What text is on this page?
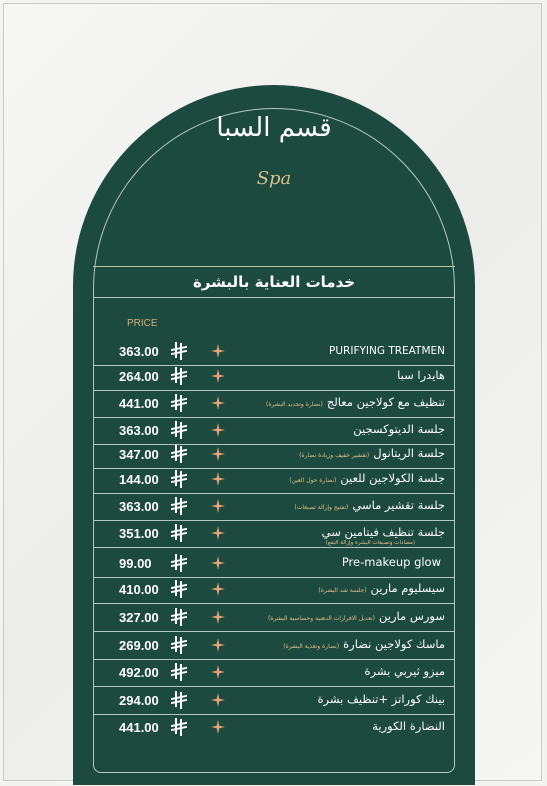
قسم السبا
Spa
خدمات العناية بالبشرة
PRICE
363.00	PURIFYING TREATMEN
264.00	هايدرا سبا
441.00	تنظيف مع كولاجين معالج(نضارة وتجديد البشرة)
363.00	جلسة الديتوكسجين
347.00	جلسة الريتانول(تقشير خفيف وزيادة نضارة)
144.00	جلسة الكولاجين للعين(نضارة حول العين)
363.00	جلسة تقشير ماسي(تفتيح وإزالة تصبغات)
351.00	جلسة تنظيف فيتامين سي
(مضادات وتصبغات البشرة وإزالة البقع)
99.00	Pre-makeup glow
410.00	سيسليوم مارين(جلسة شد البشرة)
327.00	سورس مارين(تعديل الافرازات الدهنية وحساسية البشرة)
269.00	ماسك كولاجين نضارة(نضارة وتغذية البشرة)
492.00	ميزو ثيربي بشرة
294.00	بينك كوراتز +تنظيف بشرة
441.00	النضارة الكورية
